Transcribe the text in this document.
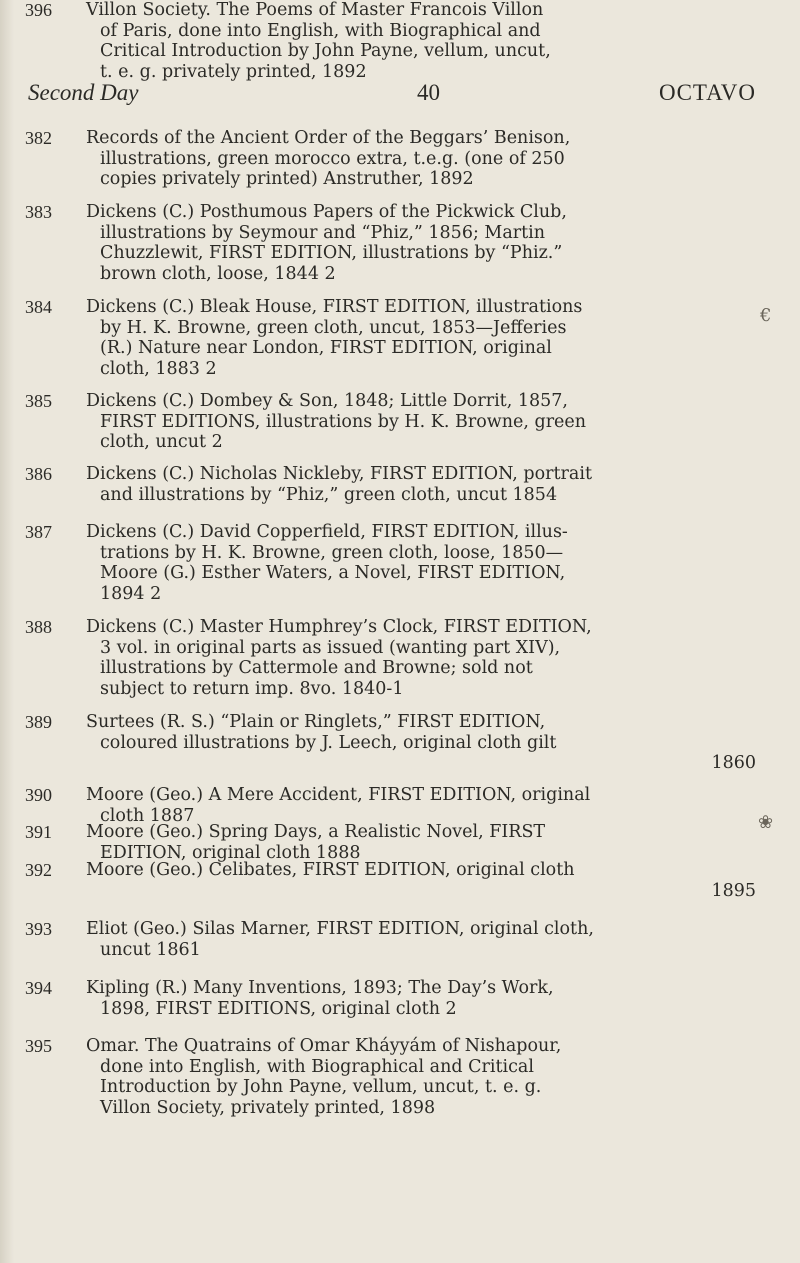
Second Day	40	OCTAVO
382	Records of the Ancient Order of the Beggars’ Benison,
illustrations, green morocco extra, t.e.g. (one of 250
copies privately printed) Anstruther, 1892

383	Dickens (C.) Posthumous Papers of the Pickwick Club,
illustrations by Seymour and “Phiz,” 1856; Martin
Chuzzlewit, FIRST EDITION, illustrations by “Phiz.”
brown cloth, loose, 1844 2

384	Dickens (C.) Bleak House, FIRST EDITION, illustrations
by H. K. Browne, green cloth, uncut, 1853—Jefferies
(R.) Nature near London, FIRST EDITION, original
cloth, 1883 2

385	Dickens (C.) Dombey & Son, 1848; Little Dorrit, 1857,
FIRST EDITIONS, illustrations by H. K. Browne, green
cloth, uncut 2

386	Dickens (C.) Nicholas Nickleby, FIRST EDITION, portrait
and illustrations by “Phiz,” green cloth, uncut 1854

387	Dickens (C.) David Copperfield, FIRST EDITION, illus-
trations by H. K. Browne, green cloth, loose, 1850—
Moore (G.) Esther Waters, a Novel, FIRST EDITION,
1894 2

388	Dickens (C.) Master Humphrey’s Clock, FIRST EDITION,
3 vol. in original parts as issued (wanting part XIV),
illustrations by Cattermole and Browne; sold not
subject to return imp. 8vo. 1840-1

389	Surtees (R. S.) “Plain or Ringlets,” FIRST EDITION,
coloured illustrations by J. Leech, original cloth gilt
1860

390	Moore (Geo.) A Mere Accident, FIRST EDITION, original
cloth 1887

391	Moore (Geo.) Spring Days, a Realistic Novel, FIRST
EDITION, original cloth 1888

392	Moore (Geo.) Celibates, FIRST EDITION, original cloth
1895

393	Eliot (Geo.) Silas Marner, FIRST EDITION, original cloth,
uncut 1861

394	Kipling (R.) Many Inventions, 1893; The Day’s Work,
1898, FIRST EDITIONS, original cloth 2

395	Omar. The Quatrains of Omar Kháyyám of Nishapour,
done into English, with Biographical and Critical
Introduction by John Payne, vellum, uncut, t. e. g.
Villon Society, privately printed, 1898

396	Villon Society. The Poems of Master Francois Villon
of Paris, done into English, with Biographical and
Critical Introduction by John Payne, vellum, uncut,
t. e. g. privately printed, 1892

€
❀
